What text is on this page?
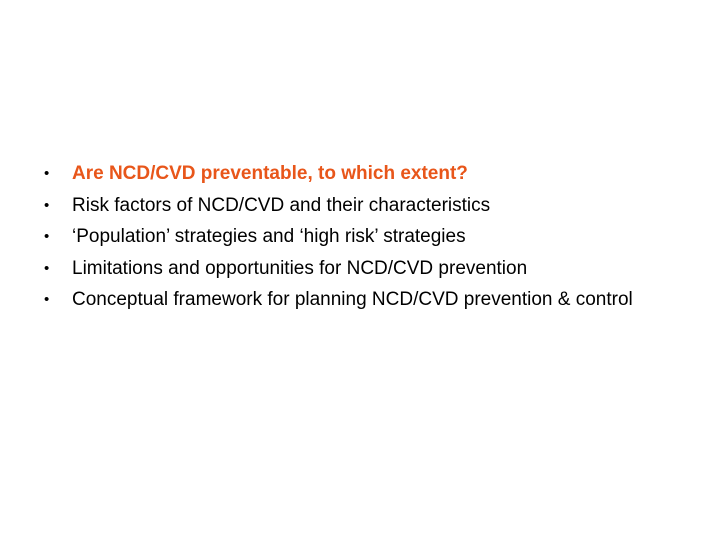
•	Are NCD/CVD preventable, to which extent?
•	Risk factors of NCD/CVD and their characteristics
•	‘Population’ strategies and ‘high risk’ strategies
•	Limitations and opportunities for NCD/CVD prevention
•	Conceptual framework for planning NCD/CVD prevention & control
